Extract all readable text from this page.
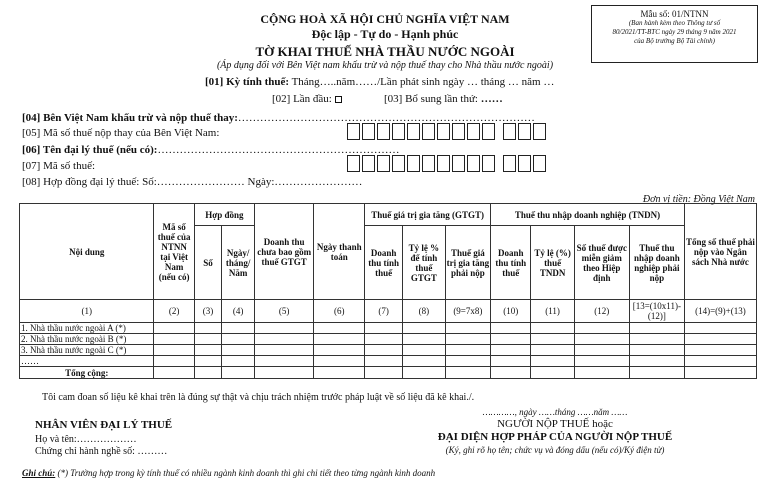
Mẫu số: 01/NTNN
(Ban hành kèm theo Thông tư số
80/2021/TT-BTC ngày 29 tháng 9 năm 2021
của Bộ trưởng Bộ Tài chính)
CỘNG HOÀ XÃ HỘI CHỦ NGHĨA VIỆT NAM
Độc lập - Tự do - Hạnh phúc
TỜ KHAI THUẾ NHÀ THẦU NƯỚC NGOÀI
(Áp dụng đối với Bên Việt nam khấu trừ và nộp thuế thay cho Nhà thầu nước ngoài)
[01] Kỳ tính thuế: Tháng…..năm……/Lần phát sinh ngày … tháng … năm …
[02] Lần đầu:	[03] Bổ sung lần thứ: ……
[04] Bên Việt Nam khấu trừ và nộp thuế thay:………………………………………………………………………
[05] Mã số thuế nộp thay của Bên Việt Nam:
[06] Tên đại lý thuế (nếu có):…………………………………………………………
[07] Mã số thuế:
[08] Hợp đồng đại lý thuế: Số:…………………… Ngày:……………………
Đơn vị tiền: Đồng Việt Nam
Nội dung	Mã số thuế của NTNN tại Việt Nam (nếu có)	Hợp đồng		Doanh thu chưa bao gồm thuế GTGT	Ngày thanh toán	Thuế giá trị gia tăng (GTGT)			Thuế thu nhập doanh nghiệp (TNDN)				Tổng số thuế phải nộp vào Ngân sách Nhà nước
		Số	Ngày/ tháng/ Năm			Doanh thu tính thuế	Tỷ lệ % để tính thuế GTGT	Thuế giá trị gia tăng phải nộp	Doanh thu tính thuế	Tỷ lệ (%) thuế TNDN	Số thuế được miễn giảm theo Hiệp định	Thuế thu nhập doanh nghiệp phải nộp	
(1)	(2)	(3)	(4)	(5)	(6)	(7)	(8)	(9=7x8)	(10)	(11)	(12)	[13=(10x11)-(12)]	(14)=(9)+(13)
1. Nhà thầu nước ngoài A (*)													
2. Nhà thầu nước ngoài B (*)													
3. Nhà thầu nước ngoài C (*)													
……													
Tổng cộng:													
Tôi cam đoan số liệu kê khai trên là đúng sự thật và chịu trách nhiệm trước pháp luật về số liệu đã kê khai./.
…………, ngày ……tháng ……năm ……
NGƯỜI NỘP THUẾ hoặc
ĐẠI DIỆN HỢP PHÁP CỦA NGƯỜI NỘP THUẾ
(Ký, ghi rõ họ tên; chức vụ và đóng dấu (nếu có)/Ký điện tử)
NHÂN VIÊN ĐẠI LÝ THUẾ
Họ và tên:………………
Chứng chỉ hành nghề số: ………
Ghi chú: (*) Trường hợp trong kỳ tính thuế có nhiều ngành kinh doanh thì ghi chi tiết theo từng ngành kinh doanh
